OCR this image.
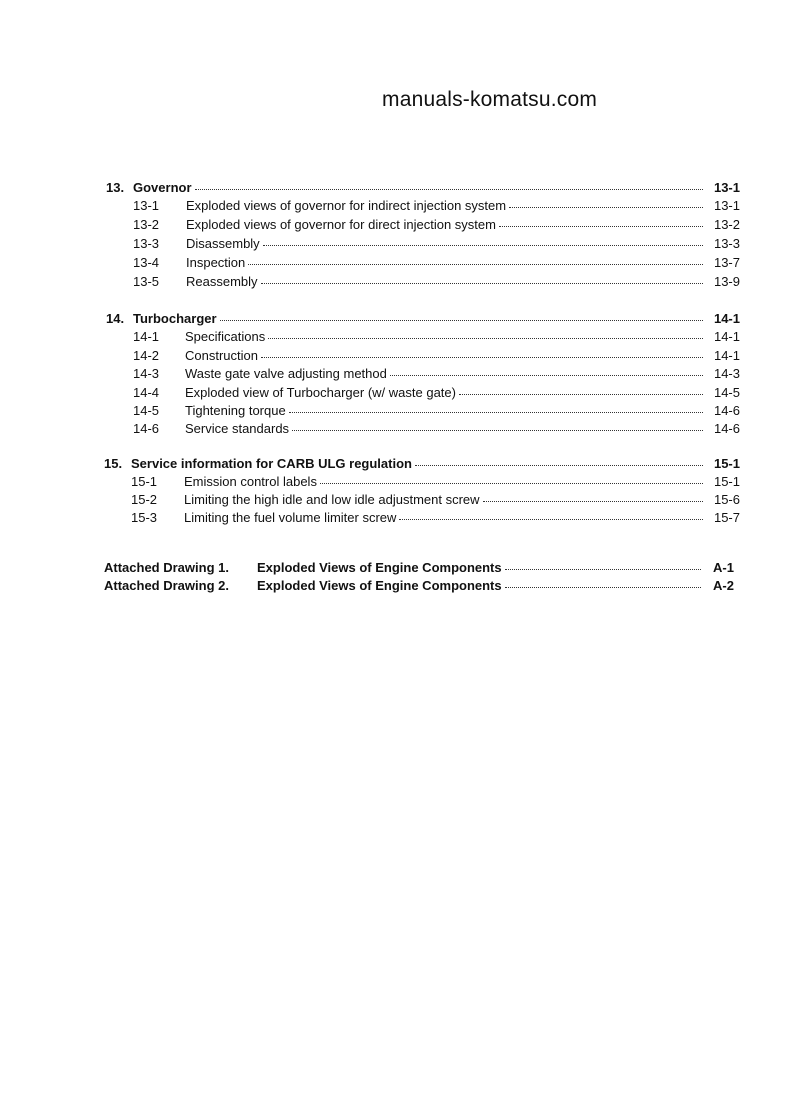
manuals-komatsu.com
13. Governor	13-1
13-1	Exploded views of governor for indirect injection system	13-1
13-2	Exploded views of governor for direct injection system	13-2
13-3	Disassembly	13-3
13-4	Inspection	13-7
13-5	Reassembly	13-9
14. Turbocharger	14-1
14-1	Specifications	14-1
14-2	Construction	14-1
14-3	Waste gate valve adjusting method	14-3
14-4	Exploded view of Turbocharger (w/ waste gate)	14-5
14-5	Tightening torque	14-6
14-6	Service standards	14-6
15. Service information for CARB ULG regulation	15-1
15-1	Emission control labels	15-1
15-2	Limiting the high idle and low idle adjustment screw	15-6
15-3	Limiting the fuel volume limiter screw	15-7
Attached Drawing 1.	Exploded Views of Engine Components	A-1
Attached Drawing 2.	Exploded Views of Engine Components	A-2
